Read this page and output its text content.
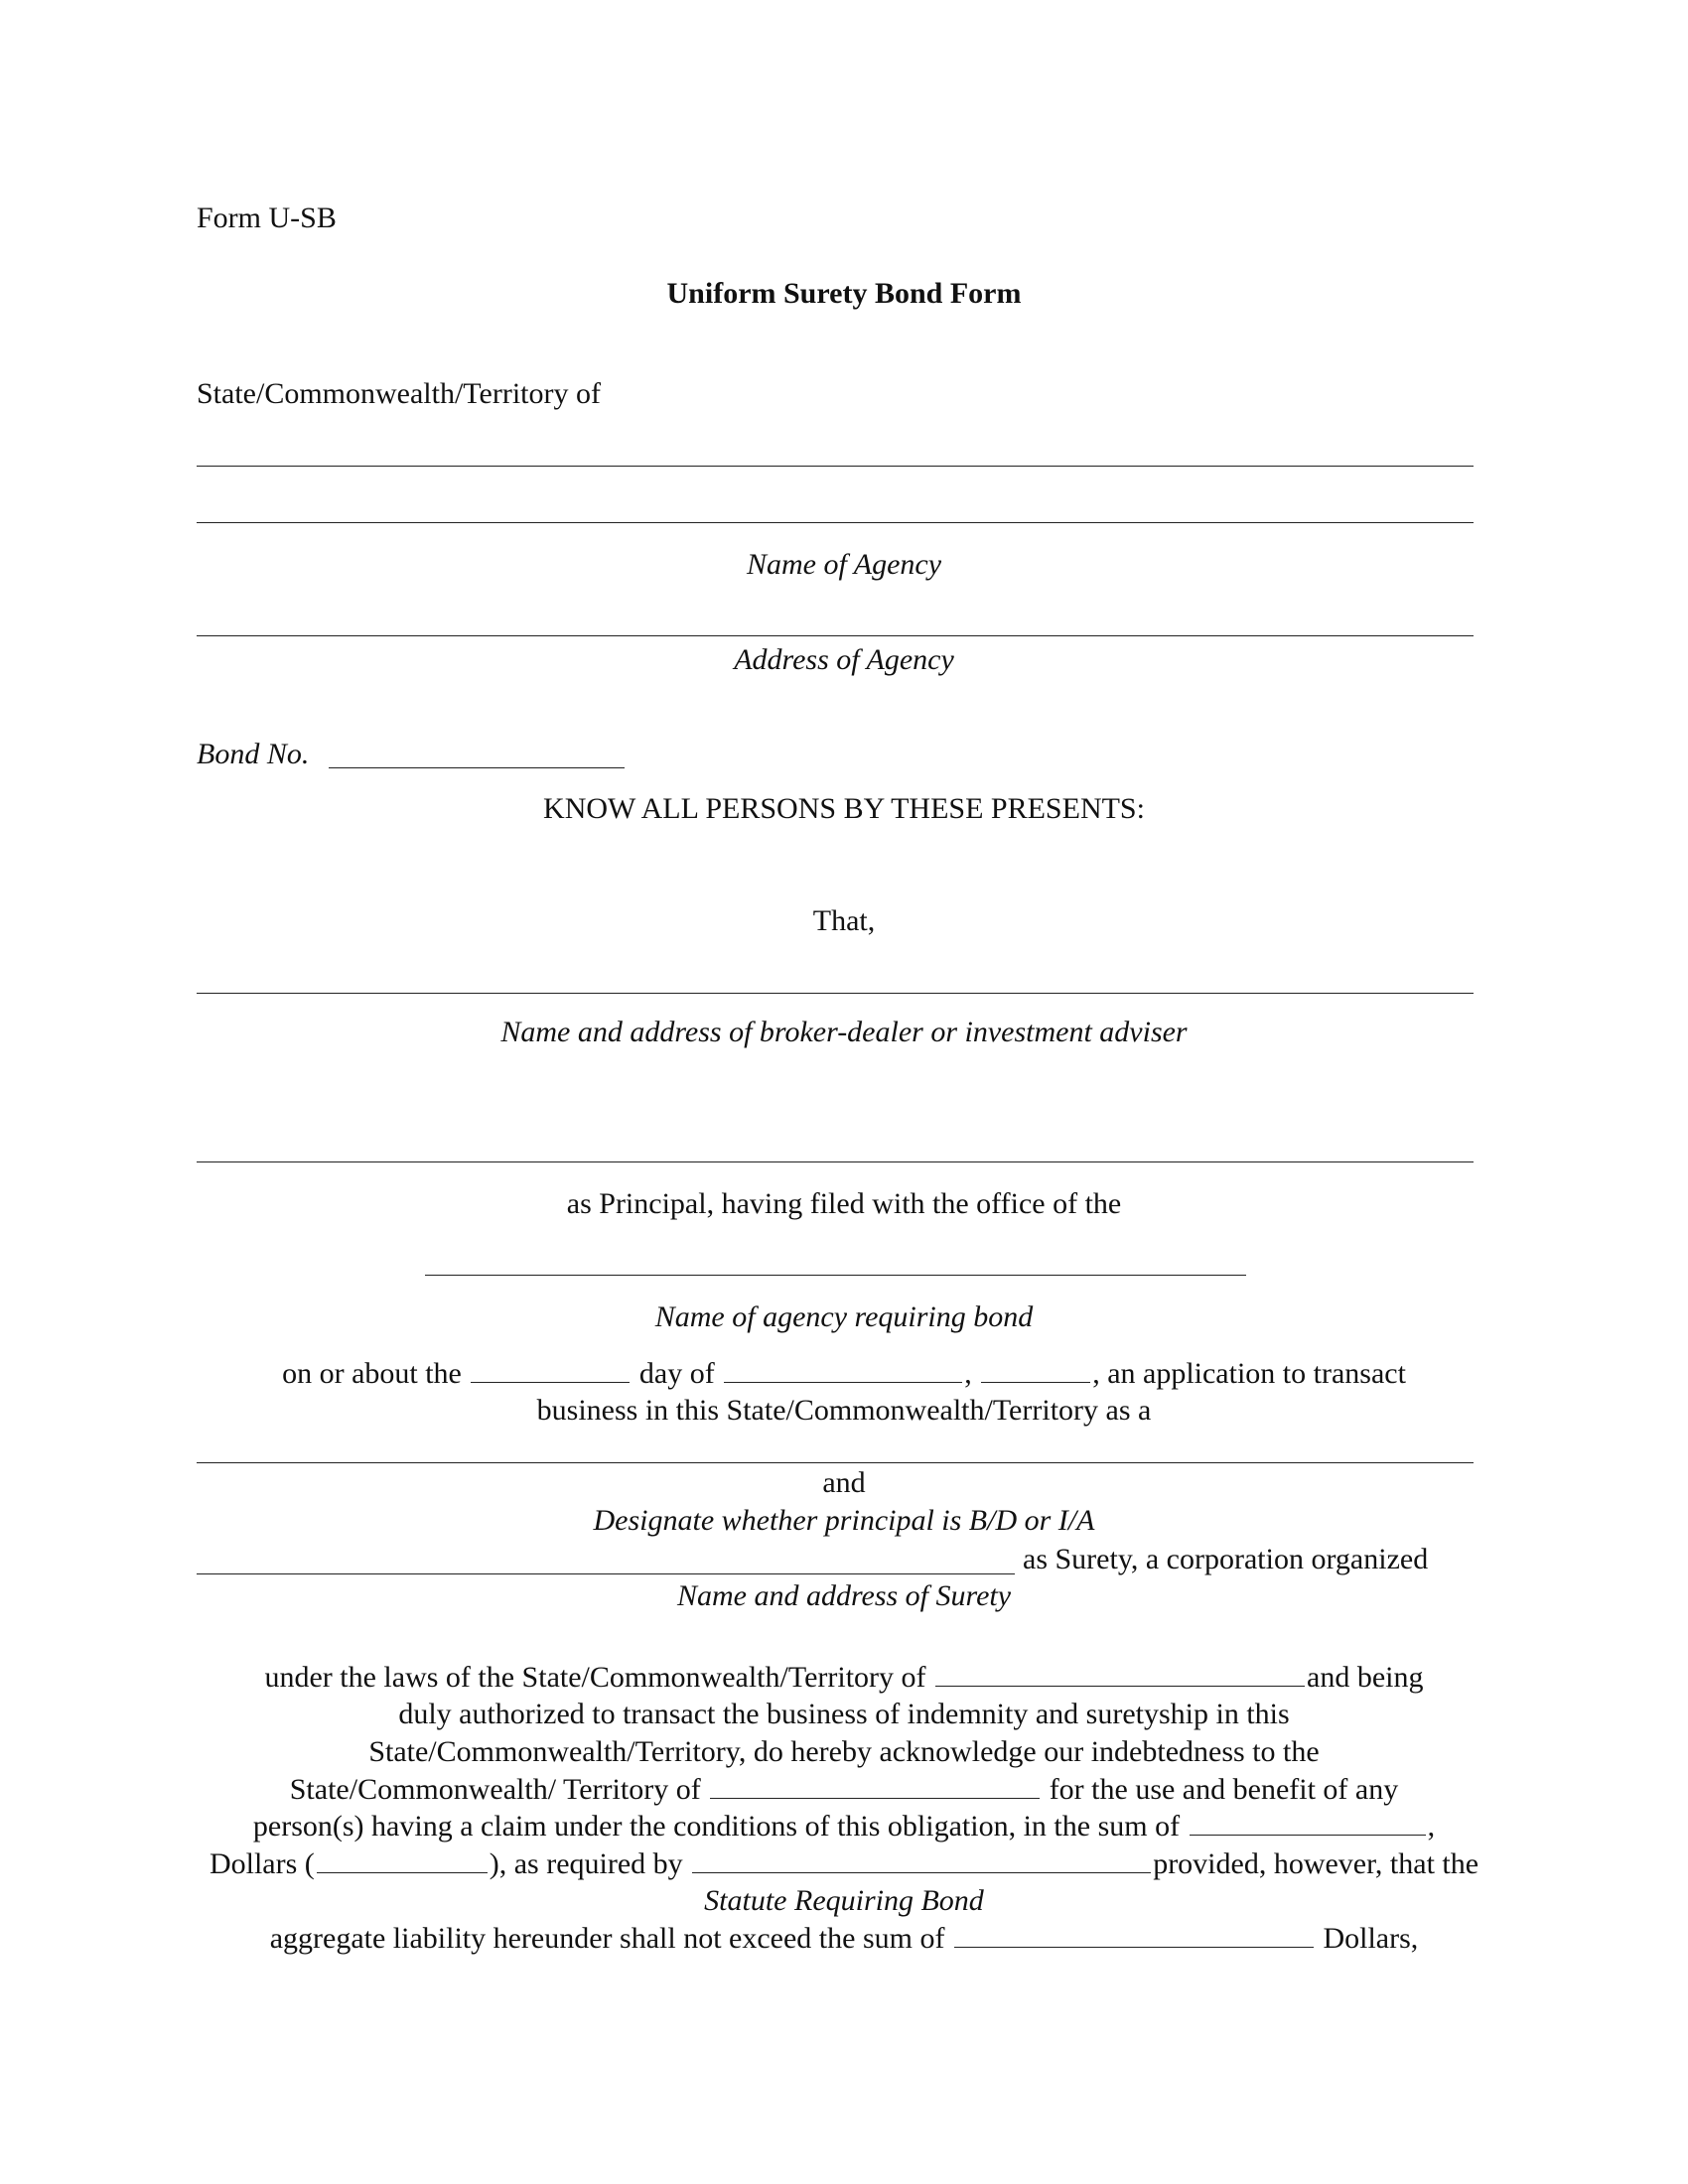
Form U-SB
Uniform Surety Bond Form
State/Commonwealth/Territory of
Name of Agency
Address of Agency
Bond No.
KNOW ALL PERSONS BY THESE PRESENTS:
That,
Name and address of broker-dealer or investment adviser
as Principal, having filed with the office of the
Name of agency requiring bond
on or about the	day of	,	, an application to transact
business in this State/Commonwealth/Territory as a
and
Designate whether principal is B/D or I/A
as Surety, a corporation organized
Name and address of Surety
under the laws of the State/Commonwealth/Territory of	and being
duly authorized to transact the business of indemnity and suretyship in this
State/Commonwealth/Territory, do hereby acknowledge our indebtedness to the
State/Commonwealth/ Territory of	for the use and benefit of any
person(s) having a claim under the conditions of this obligation, in the sum of	,
Dollars (	), as required by	provided, however, that the
Statute Requiring Bond
aggregate liability hereunder shall not exceed the sum of	Dollars,
